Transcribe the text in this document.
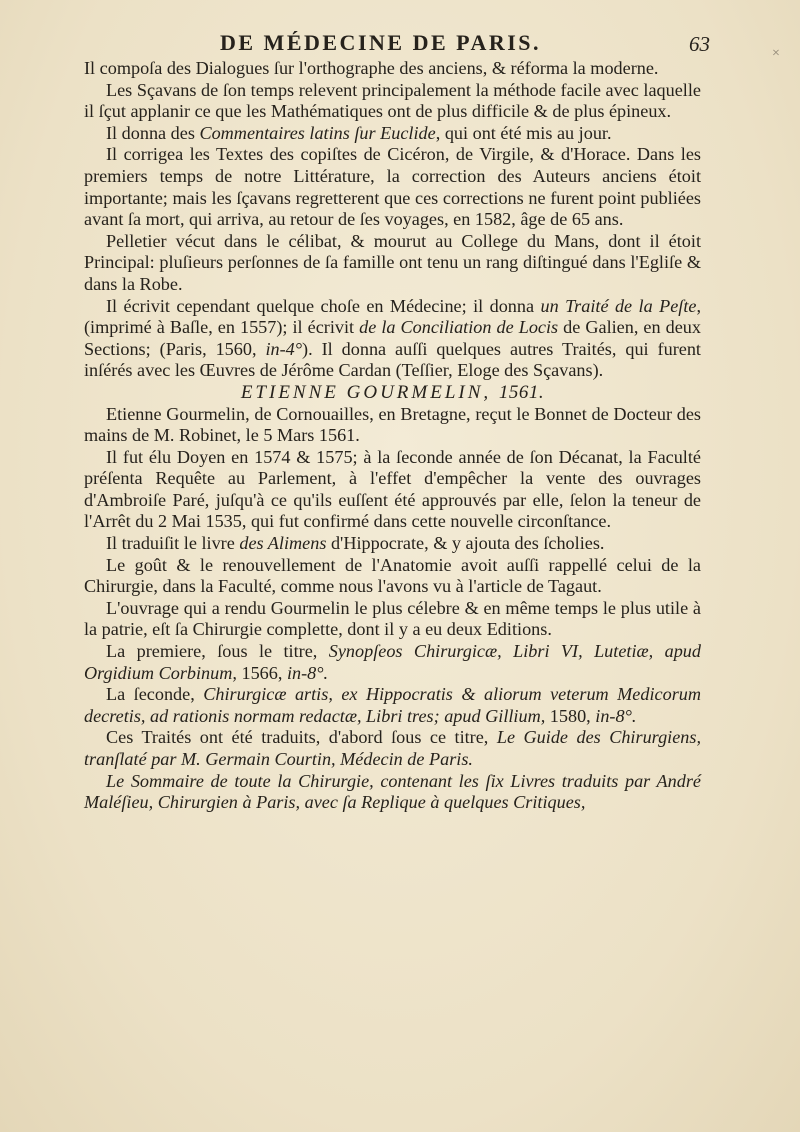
×
DE MÉDECINE DE PARIS.	63

Il compoſa des Dialogues ſur l'orthographe des anciens, & réforma la moderne.

Les Sçavans de ſon temps relevent principalement la méthode facile avec laquelle il ſçut applanir ce que les Mathématiques ont de plus difficile & de plus épineux.

Il donna des Commentaires latins ſur Euclide, qui ont été mis au jour.

Il corrigea les Textes des copiſtes de Cicéron, de Virgile, & d'Horace. Dans les premiers temps de notre Littérature, la correction des Auteurs anciens étoit importante; mais les ſçavans regretterent que ces corrections ne furent point publiées avant ſa mort, qui arriva, au retour de ſes voyages, en 1582, âge de 65 ans.

Pelletier vécut dans le célibat, & mourut au College du Mans, dont il étoit Principal: pluſieurs perſonnes de ſa famille ont tenu un rang diſtingué dans l'Egliſe & dans la Robe.

Il écrivit cependant quelque choſe en Médecine; il donna un Traité de la Peſte, (imprimé à Baſle, en 1557); il écrivit de la Conciliation de Locis de Galien, en deux Sections; (Paris, 1560, in-4°). Il donna auſſi quelques autres Traités, qui furent inſérés avec les Œuvres de Jérôme Cardan (Teſſier, Eloge des Sçavans).

ETIENNE GOURMELIN, 1561.

Etienne Gourmelin, de Cornouailles, en Bretagne, reçut le Bonnet de Docteur des mains de M. Robinet, le 5 Mars 1561.

Il fut élu Doyen en 1574 & 1575; à la ſeconde année de ſon Décanat, la Faculté préſenta Requête au Parlement, à l'effet d'empêcher la vente des ouvrages d'Ambroiſe Paré, juſqu'à ce qu'ils euſſent été approuvés par elle, ſelon la teneur de l'Arrêt du 2 Mai 1535, qui fut confirmé dans cette nouvelle circonſtance.

Il traduiſit le livre des Alimens d'Hippocrate, & y ajouta des ſcholies.

Le goût & le renouvellement de l'Anatomie avoit auſſi rappellé celui de la Chirurgie, dans la Faculté, comme nous l'avons vu à l'article de Tagaut.

L'ouvrage qui a rendu Gourmelin le plus célebre & en même temps le plus utile à la patrie, eſt ſa Chirurgie complette, dont il y a eu deux Editions.

La premiere, ſous le titre, Synopſeos Chirurgicæ, Libri VI, Lutetiæ, apud Orgidium Corbinum, 1566, in-8°.

La ſeconde, Chirurgicæ artis, ex Hippocratis & aliorum veterum Medicorum decretis, ad rationis normam redactæ, Libri tres; apud Gillium, 1580, in-8°.

Ces Traités ont été traduits, d'abord ſous ce titre, Le Guide des Chirurgiens, tranſlaté par M. Germain Courtin, Médecin de Paris.

Le Sommaire de toute la Chirurgie, contenant les ſix Livres traduits par André Maléſieu, Chirurgien à Paris, avec ſa Replique à quelques Critiques,
